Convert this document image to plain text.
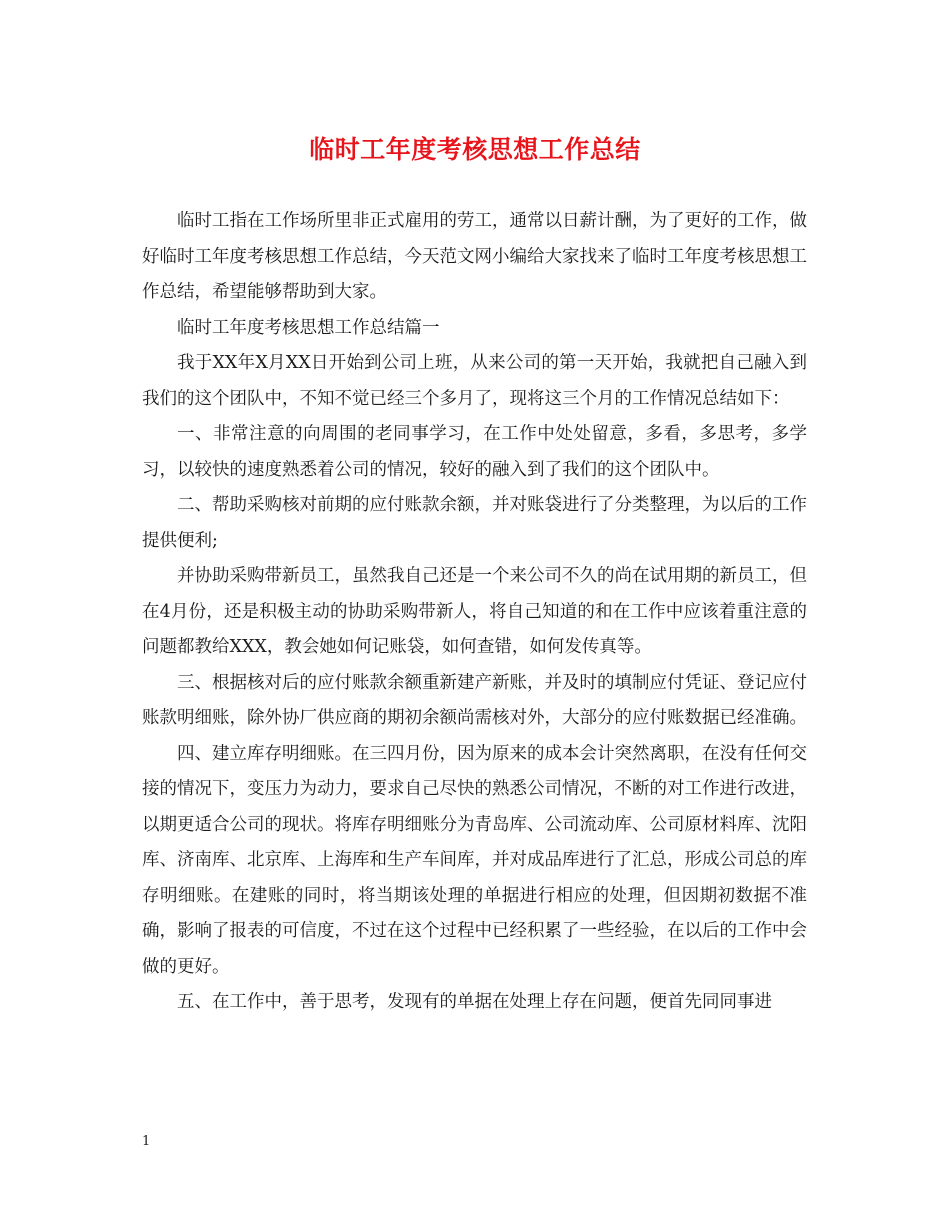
临时工年度考核思想工作总结

临时工指在工作场所里非正式雇用的劳工，通常以日薪计酬，为了更好的工作，做好临时工年度考核思想工作总结，今天范文网小编给大家找来了临时工年度考核思想工作总结，希望能够帮助到大家。

临时工年度考核思想工作总结篇一

我于XX年X月XX日开始到公司上班，从来公司的第一天开始，我就把自己融入到我们的这个团队中，不知不觉已经三个多月了，现将这三个月的工作情况总结如下：

一、非常注意的向周围的老同事学习，在工作中处处留意，多看，多思考，多学习，以较快的速度熟悉着公司的情况，较好的融入到了我们的这个团队中。

二、帮助采购核对前期的应付账款余额，并对账袋进行了分类整理，为以后的工作提供便利;

并协助采购带新员工，虽然我自己还是一个来公司不久的尚在试用期的新员工，但在4月份，还是积极主动的协助采购带新人，将自己知道的和在工作中应该着重注意的问题都教给XXX，教会她如何记账袋，如何查错，如何发传真等。

三、根据核对后的应付账款余额重新建产新账，并及时的填制应付凭证、登记应付账款明细账，除外协厂供应商的期初余额尚需核对外，大部分的应付账数据已经准确。

四、建立库存明细账。在三四月份，因为原来的成本会计突然离职，在没有任何交接的情况下，变压力为动力，要求自己尽快的熟悉公司情况，不断的对工作进行改进，以期更适合公司的现状。将库存明细账分为青岛库、公司流动库、公司原材料库、沈阳库、济南库、北京库、上海库和生产车间库，并对成品库进行了汇总，形成公司总的库存明细账。在建账的同时，将当期该处理的单据进行相应的处理，但因期初数据不准确，影响了报表的可信度，不过在这个过程中已经积累了一些经验，在以后的工作中会做的更好。

五、在工作中，善于思考，发现有的单据在处理上存在问题，便首先同同事进

1
